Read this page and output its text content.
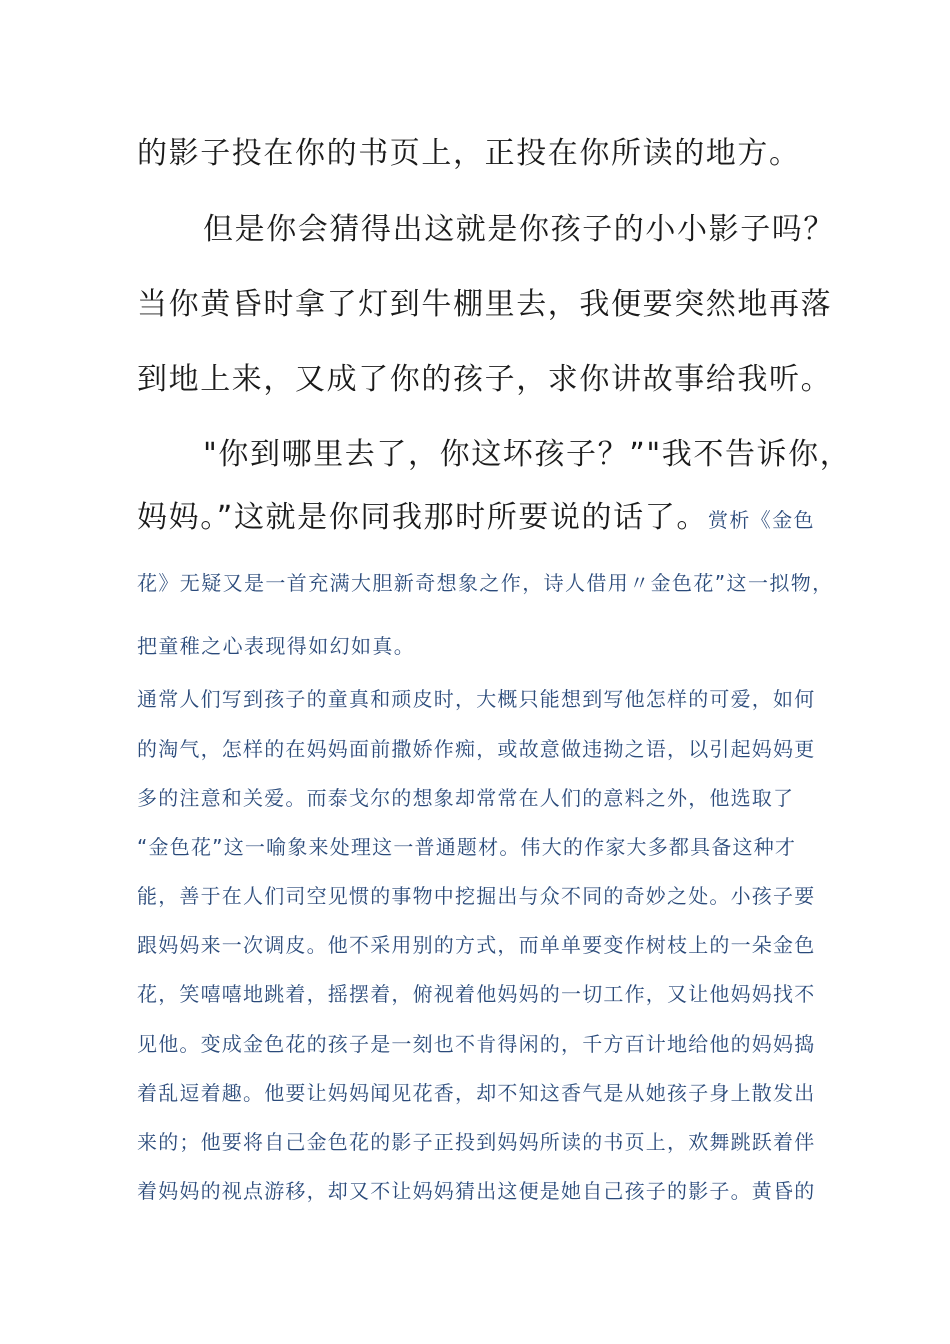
的影子投在你的书页上，正投在你所读的地方。
但是你会猜得出这就是你孩子的小小影子吗？
当你黄昏时拿了灯到牛棚里去，我便要突然地再落
到地上来，又成了你的孩子，求你讲故事给我听。
"你到哪里去了，你这坏孩子？”"我不告诉你，
妈妈。”这就是你同我那时所要说的话了。赏析《金色
花》无疑又是一首充满大胆新奇想象之作，诗人借用〃金色花”这一拟物，
把童稚之心表现得如幻如真。
通常人们写到孩子的童真和顽皮时，大概只能想到写他怎样的可爱，如何
的淘气，怎样的在妈妈面前撒娇作痴，或故意做违拗之语，以引起妈妈更
多的注意和关爱。而泰戈尔的想象却常常在人们的意料之外，他选取了
“金色花”这一喻象来处理这一普通题材。伟大的作家大多都具备这种才
能，善于在人们司空见惯的事物中挖掘出与众不同的奇妙之处。小孩子要
跟妈妈来一次调皮。他不采用别的方式，而单单要变作树枝上的一朵金色
花，笑嘻嘻地跳着，摇摆着，俯视着他妈妈的一切工作，又让他妈妈找不
见他。变成金色花的孩子是一刻也不肯得闲的，千方百计地给他的妈妈捣
着乱逗着趣。他要让妈妈闻见花香，却不知这香气是从她孩子身上散发出
来的；他要将自己金色花的影子正投到妈妈所读的书页上，欢舞跳跃着伴
着妈妈的视点游移，却又不让妈妈猜出这便是她自己孩子的影子。黄昏的
